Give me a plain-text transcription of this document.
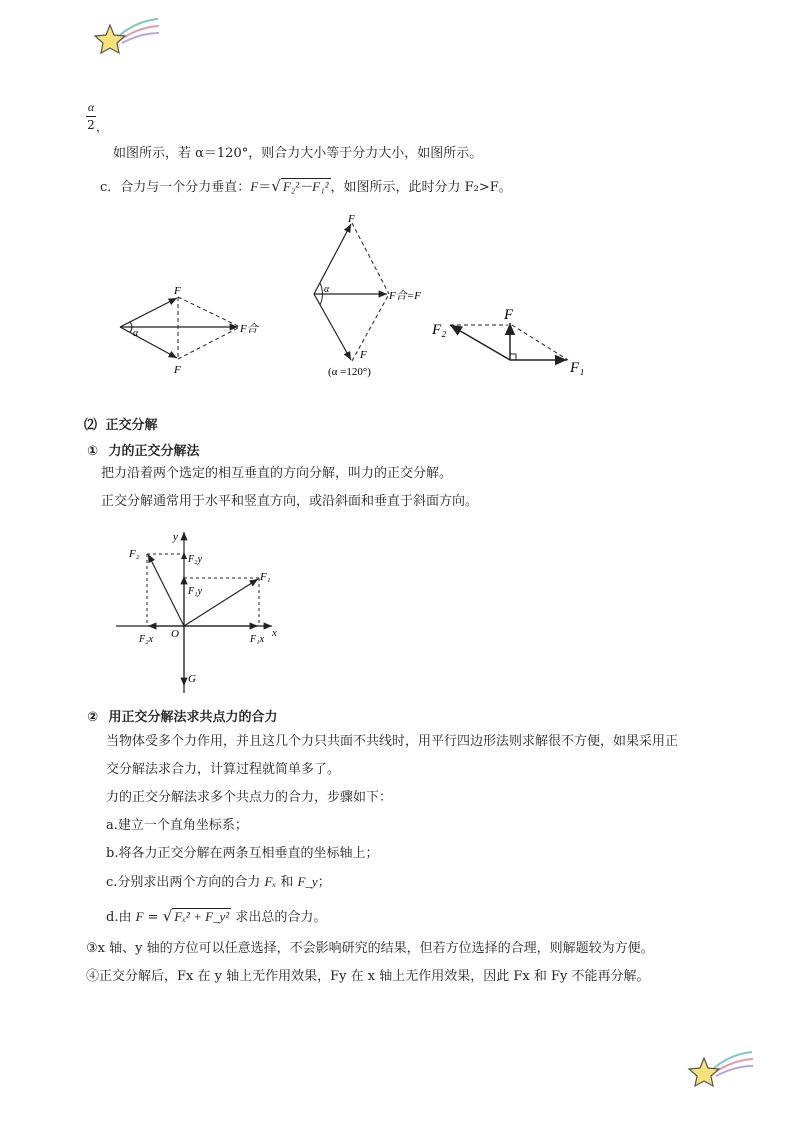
α
2 ，
如图所示，若 α＝120°，则合力大小等于分力大小，如图所示。
c．合力与一个分力垂直：F＝√ F₂²－F₁² ，如图所示，此时分力 F₂>F。
F
F
F合
α
F
F
F合=F
α
(α =120°)
F
F₁
F₂
⑵ 正交分解
① 力的正交分解法
把力沿着两个选定的相互垂直的方向分解，叫力的正交分解。
正交分解通常用于水平和竖直方向，或沿斜面和垂直于斜面方向。
y
x
O
G
F₁
F₂
F₁y
F₂y
F₁x
F₂x
② 用正交分解法求共点力的合力
当物体受多个力作用，并且这几个力只共面不共线时，用平行四边形法则求解很不方便，如果采用正
交分解法求合力，计算过程就简单多了。
力的正交分解法求多个共点力的合力，步骤如下：
a.建立一个直角坐标系；
b.将各力正交分解在两条互相垂直的坐标轴上；
c.分别求出两个方向的合力 Fₓ 和 F_y；
d.由 F = √ Fₓ² + F_y² 求出总的合力。
③x 轴、y 轴的方位可以任意选择，不会影响研究的结果，但若方位选择的合理，则解题较为方便。
④正交分解后，Fx 在 y 轴上无作用效果，Fy 在 x 轴上无作用效果，因此 Fx 和 Fy 不能再分解。
